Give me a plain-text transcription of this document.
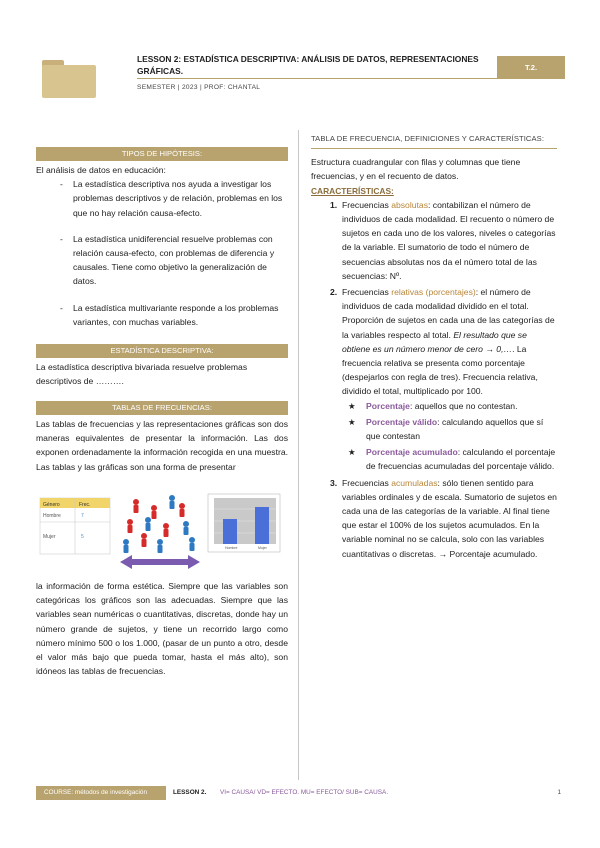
LESSON 2: ESTADÍSTICA DESCRIPTIVA: ANÁLISIS DE DATOS, REPRESENTACIONES GRÁFICAS.
SEMESTER | 2023 | PROF: CHANTAL
T.2.
TIPOS DE HIPÓTESIS:
El análisis de datos en educación:
- La estadística descriptiva nos ayuda a investigar los problemas descriptivos y de relación, problemas en los que no hay relación causa-efecto.
- La estadística unidiferencial resuelve problemas con relación causa-efecto, con problemas de diferencia y causales. Tiene como objetivo la generalización de datos.
- La estadística multivariante responde a los problemas variantes, con muchas variables.
ESTADÍSTICA DESCRIPTIVA:
La estadística descriptiva bivariada resuelve problemas descriptivos de ……….
TABLAS DE FRECUENCIAS:
Las tablas de frecuencias y las representaciones gráficas son dos maneras equivalentes de presentar la información. Las dos exponen ordenadamente la información recogida en una muestra. Las tablas y las gráficas son una forma de presentar
Género	Frec.
Hombre	7
Mujer	5
Hombre	Mujer
la información de forma estética. Siempre que las variables son categóricas los gráficos son las adecuadas. Siempre que las variables sean numéricas o cuantitativas, discretas, donde hay un número grande de sujetos, y tiene un recorrido largo como número mínimo 500 o los 1.000, (pasar de un punto a otro, desde el valor más bajo que pueda tomar, hasta el más alto), son idóneos las tablas de frecuencias.
TABLA DE FRECUENCIA, DEFINICIONES Y CARACTERÍSTICAS:
Estructura cuadrangular con filas y columnas que tiene frecuencias, y en el recuento de datos.
CARACTERÍSTICAS:
1. Frecuencias absolutas: contabilizan el número de individuos de cada modalidad. El recuento o número de sujetos en cada uno de los valores, niveles o categorías de la variable. El sumatorio de todo el número de secuencias absolutas nos da el número total de las secuencias: Nº.
2. Frecuencias relativas (porcentajes): el número de individuos de cada modalidad dividido en el total. Proporción de sujetos en cada una de las categorías de la variables respecto al total. El resultado que se obtiene es un número menor de cero → 0,…. La frecuencia relativa se presenta como porcentaje (despejarlos con regla de tres). Frecuencia relativa, dividido el total, multiplicado por 100.
★ Porcentaje: aquellos que no contestan.
★ Porcentaje válido: calculando aquellos que sí que contestan
★ Porcentaje acumulado: calculando el porcentaje de frecuencias acumuladas del porcentaje válido.
3. Frecuencias acumuladas: sólo tienen sentido para variables ordinales y de escala. Sumatorio de sujetos en cada una de las categorías de la variable. Al final tiene que estar el 100% de los sujetos acumulados. En la variable nominal no se calcula, solo con las variables cuantitativas o discretas. → Porcentaje acumulado.
COURSE: métodos de investigación	LESSON 2. VI= CAUSA/ VD= EFECTO. MU= EFECTO/ SUB= CAUSA.	1
